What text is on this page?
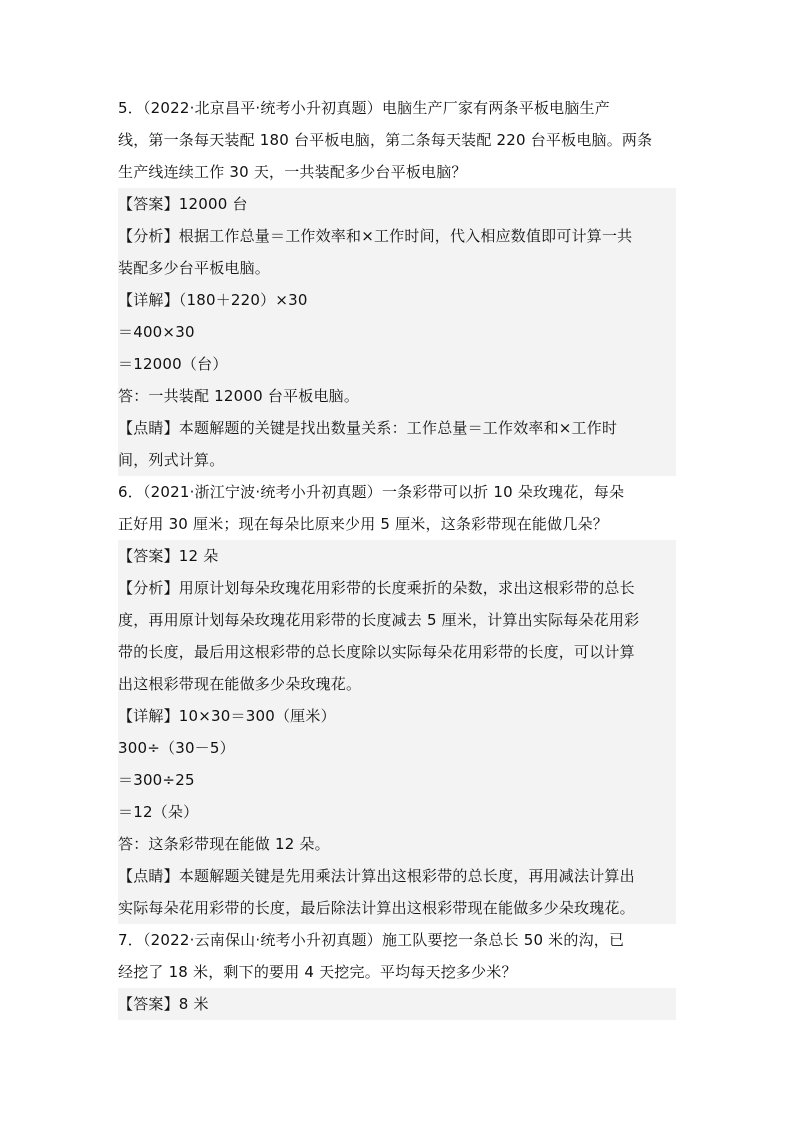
5．（2022·北京昌平·统考小升初真题）电脑生产厂家有两条平板电脑生产
线，第一条每天装配 180 台平板电脑，第二条每天装配 220 台平板电脑。两条
生产线连续工作 30 天，一共装配多少台平板电脑？
【答案】12000 台
【分析】根据工作总量＝工作效率和×工作时间，代入相应数值即可计算一共
装配多少台平板电脑。
【详解】（180＋220）×30
＝400×30
＝12000（台）
答：一共装配 12000 台平板电脑。
【点睛】本题解题的关键是找出数量关系：工作总量＝工作效率和×工作时
间，列式计算。
6．（2021·浙江宁波·统考小升初真题）一条彩带可以折 10 朵玫瑰花，每朵
正好用 30 厘米；现在每朵比原来少用 5 厘米，这条彩带现在能做几朵？
【答案】12 朵
【分析】用原计划每朵玫瑰花用彩带的长度乘折的朵数，求出这根彩带的总长
度，再用原计划每朵玫瑰花用彩带的长度减去 5 厘米，计算出实际每朵花用彩
带的长度，最后用这根彩带的总长度除以实际每朵花用彩带的长度，可以计算
出这根彩带现在能做多少朵玫瑰花。
【详解】10×30＝300（厘米）
300÷（30－5）
＝300÷25
＝12（朵）
答：这条彩带现在能做 12 朵。
【点睛】本题解题关键是先用乘法计算出这根彩带的总长度，再用减法计算出
实际每朵花用彩带的长度，最后除法计算出这根彩带现在能做多少朵玫瑰花。
7．（2022·云南保山·统考小升初真题）施工队要挖一条总长 50 米的沟，已
经挖了 18 米，剩下的要用 4 天挖完。平均每天挖多少米？
【答案】8 米
